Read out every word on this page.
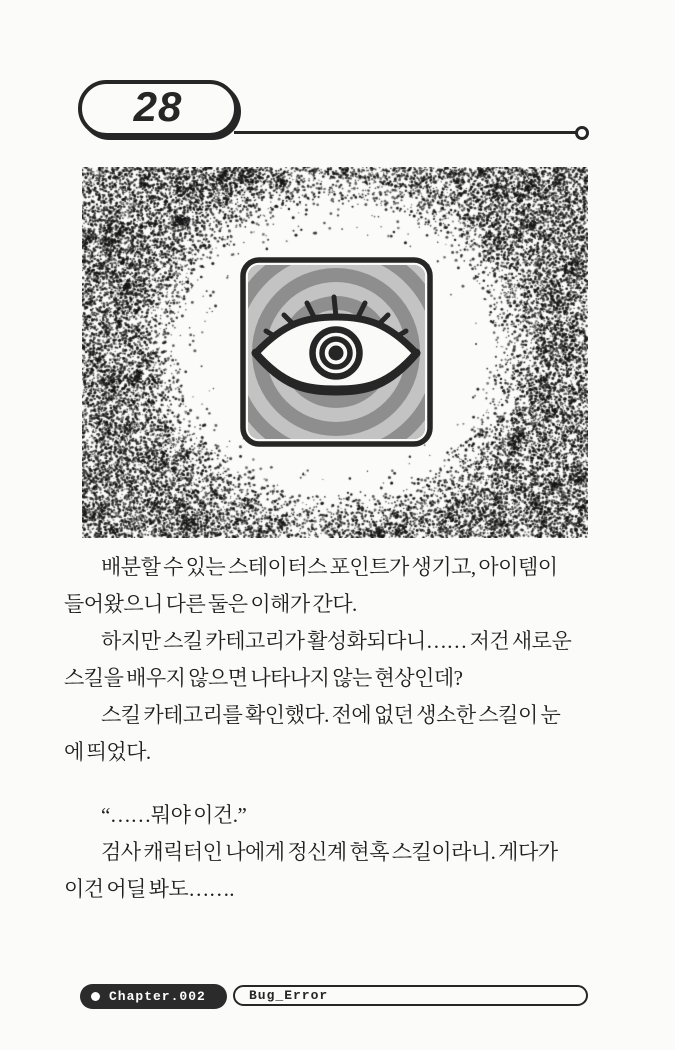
28
배분할 수 있는 스테이터스 포인트가 생기고, 아이템이
들어왔으니 다른 둘은 이해가 간다.
하지만 스킬 카테고리가 활성화되다니…… 저건 새로운
스킬을 배우지 않으면 나타나지 않는 현상인데?
스킬 카테고리를 확인했다. 전에 없던 생소한 스킬이 눈
에 띄었다.
“……뭐야 이건.”
검사 캐릭터인 나에게 정신계 현혹 스킬이라니. 게다가
이건 어딜 봐도…….
Chapter.002	Bug_Error
